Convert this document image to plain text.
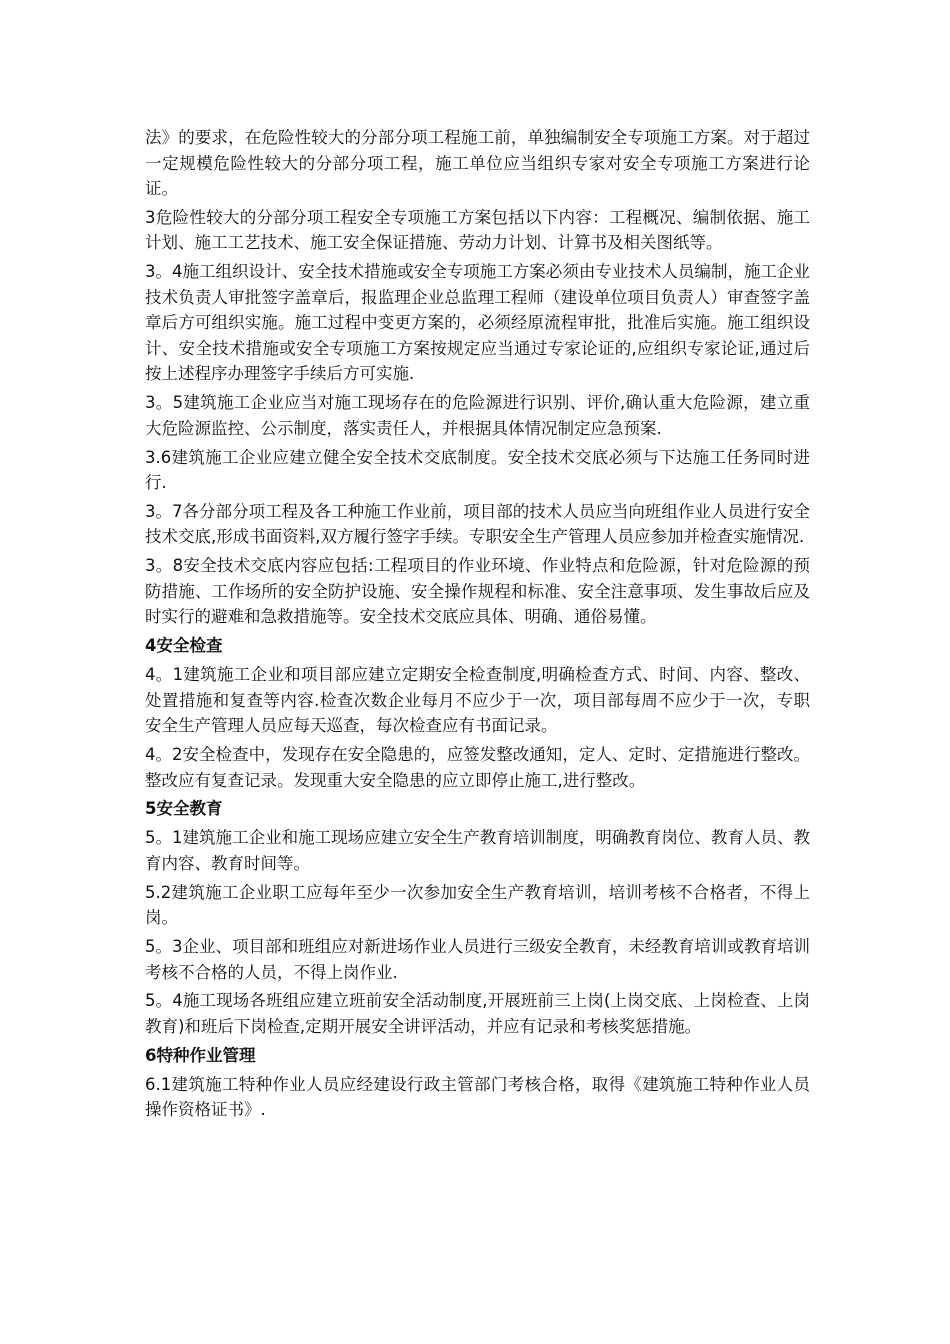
法》的要求，在危险性较大的分部分项工程施工前，单独编制安全专项施工方案。对于超过一定规模危险性较大的分部分项工程，施工单位应当组织专家对安全专项施工方案进行论证。

3危险性较大的分部分项工程安全专项施工方案包括以下内容：工程概况、编制依据、施工计划、施工工艺技术、施工安全保证措施、劳动力计划、计算书及相关图纸等。

3。4施工组织设计、安全技术措施或安全专项施工方案必须由专业技术人员编制，施工企业技术负责人审批签字盖章后，报监理企业总监理工程师（建设单位项目负责人）审查签字盖章后方可组织实施。施工过程中变更方案的，必须经原流程审批，批准后实施。施工组织设计、安全技术措施或安全专项施工方案按规定应当通过专家论证的,应组织专家论证,通过后按上述程序办理签字手续后方可实施.

3。5建筑施工企业应当对施工现场存在的危险源进行识别、评价,确认重大危险源，建立重大危险源监控、公示制度，落实责任人，并根据具体情况制定应急预案.

3.6建筑施工企业应建立健全安全技术交底制度。安全技术交底必须与下达施工任务同时进行.

3。7各分部分项工程及各工种施工作业前，项目部的技术人员应当向班组作业人员进行安全技术交底,形成书面资料,双方履行签字手续。专职安全生产管理人员应参加并检查实施情况.

3。8安全技术交底内容应包括:工程项目的作业环境、作业特点和危险源，针对危险源的预防措施、工作场所的安全防护设施、安全操作规程和标准、安全注意事项、发生事故后应及时实行的避难和急救措施等。安全技术交底应具体、明确、通俗易懂。

4安全检查

4。1建筑施工企业和项目部应建立定期安全检查制度,明确检查方式、时间、内容、整改、处置措施和复查等内容.检查次数企业每月不应少于一次，项目部每周不应少于一次，专职安全生产管理人员应每天巡查，每次检查应有书面记录。

4。2安全检查中，发现存在安全隐患的，应签发整改通知，定人、定时、定措施进行整改。整改应有复查记录。发现重大安全隐患的应立即停止施工,进行整改。

5安全教育

5。1建筑施工企业和施工现场应建立安全生产教育培训制度，明确教育岗位、教育人员、教育内容、教育时间等。

5.2建筑施工企业职工应每年至少一次参加安全生产教育培训，培训考核不合格者，不得上岗。

5。3企业、项目部和班组应对新进场作业人员进行三级安全教育，未经教育培训或教育培训考核不合格的人员，不得上岗作业.

5。4施工现场各班组应建立班前安全活动制度,开展班前三上岗(上岗交底、上岗检查、上岗教育)和班后下岗检查,定期开展安全讲评活动，并应有记录和考核奖惩措施。

6特种作业管理

6.1建筑施工特种作业人员应经建设行政主管部门考核合格，取得《建筑施工特种作业人员操作资格证书》.
